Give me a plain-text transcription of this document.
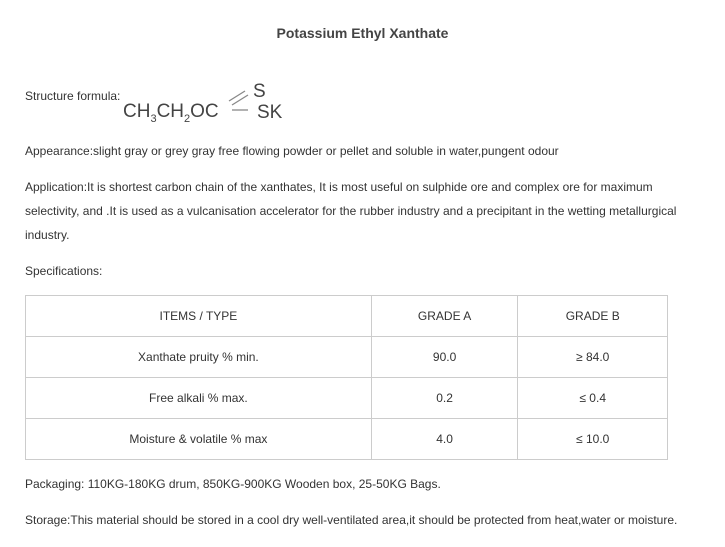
Potassium Ethyl Xanthate
Structure formula:
$CH_3CH_2OC$
S
SK
Appearance:slight gray or grey gray free flowing powder or pellet and soluble in water,pungent odour
Application:It is shortest carbon chain of the xanthates, It is most useful on sulphide ore and complex ore for maximum selectivity, and .It is used as a vulcanisation accelerator for the rubber industry and a precipitant in the wetting metallurgical industry.
Specifications:
ITEMS / TYPE	GRADE A	GRADE B
Xanthate pruity % min.	90.0	≥ 84.0
Free alkali % max.	0.2	≤ 0.4
Moisture & volatile % max	4.0	≤ 10.0
Packaging: 110KG-180KG drum, 850KG-900KG Wooden box, 25-50KG Bags.
Storage:This material should be stored in a cool dry well-ventilated area,it should be protected from heat,water or moisture.
